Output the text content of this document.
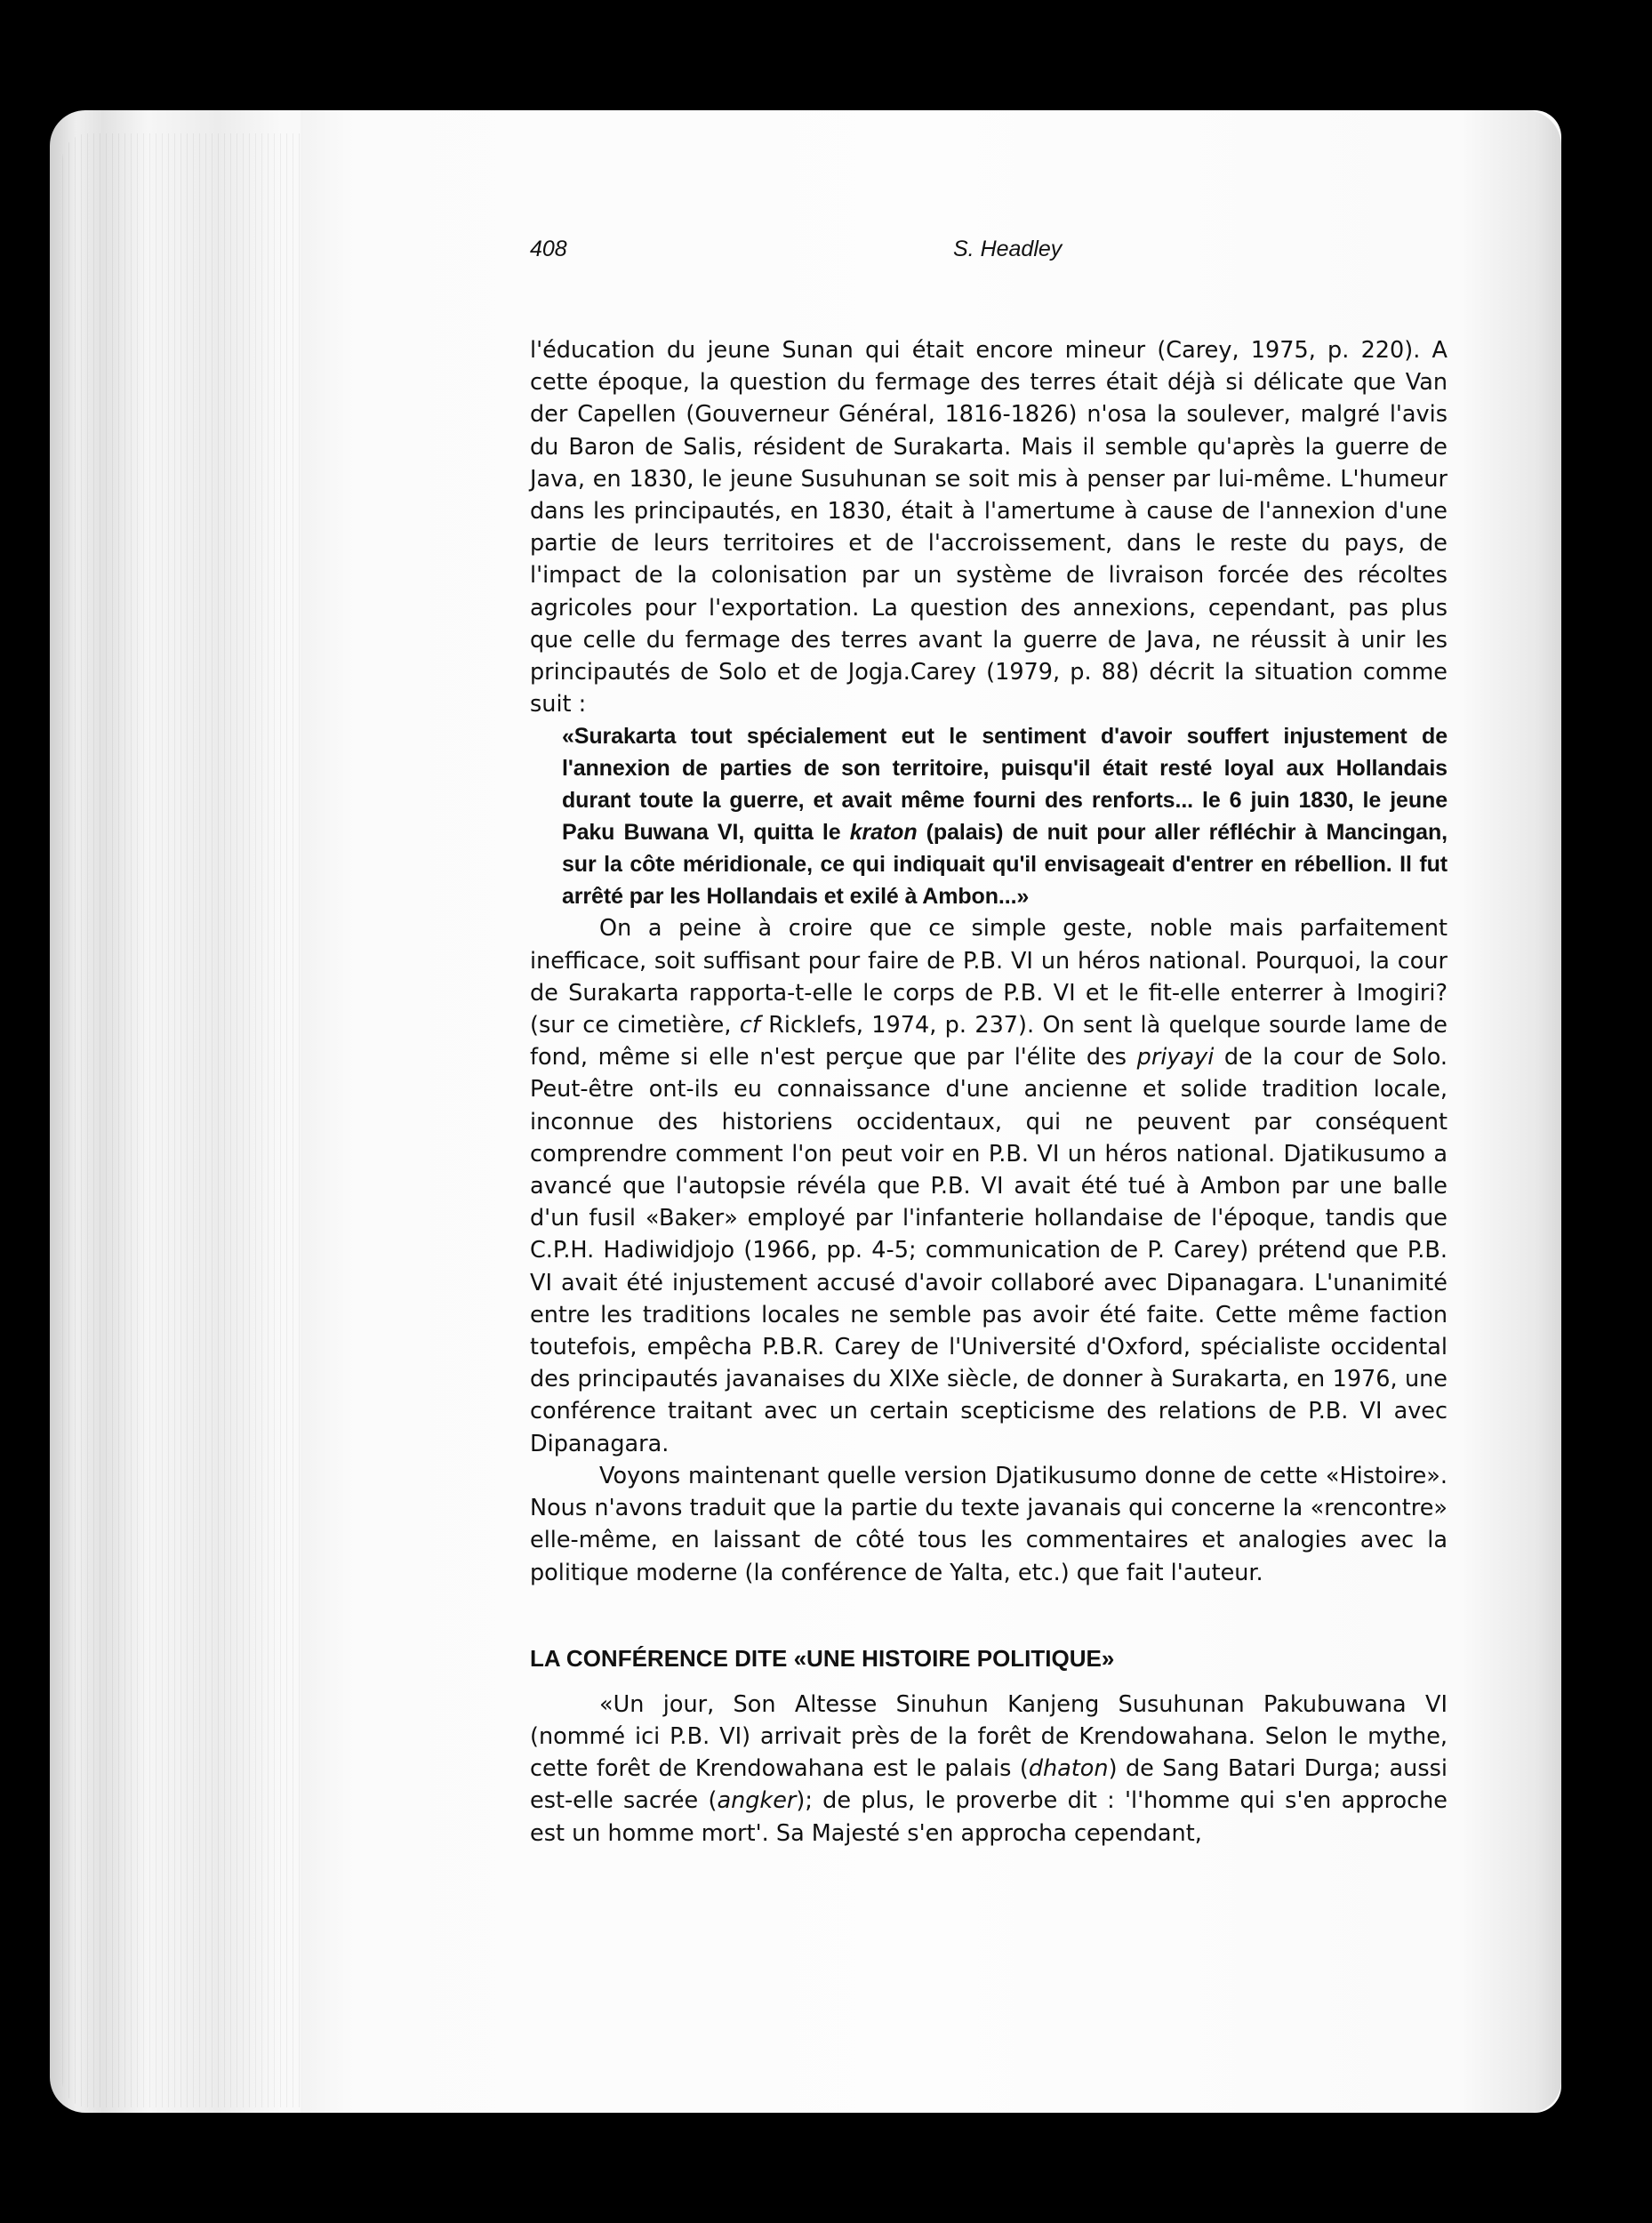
408	S. Headley

l'éducation du jeune Sunan qui était encore mineur (Carey, 1975, p. 220). A cette époque, la question du fermage des terres était déjà si délicate que Van der Capellen (Gouverneur Général, 1816-1826) n'osa la soulever, malgré l'avis du Baron de Salis, résident de Surakarta. Mais il semble qu'après la guerre de Java, en 1830, le jeune Susuhunan se soit mis à penser par lui-même. L'humeur dans les principautés, en 1830, était à l'amertume à cause de l'annexion d'une partie de leurs territoires et de l'accroissement, dans le reste du pays, de l'impact de la colonisation par un système de livraison forcée des récoltes agricoles pour l'exportation. La question des annexions, cependant, pas plus que celle du fermage des terres avant la guerre de Java, ne réussit à unir les principautés de Solo et de Jogja.Carey (1979, p. 88) décrit la situation comme suit :

«Surakarta tout spécialement eut le sentiment d'avoir souffert injustement de l'annexion de parties de son territoire, puisqu'il était resté loyal aux Hollandais durant toute la guerre, et avait même fourni des renforts... le 6 juin 1830, le jeune Paku Buwana VI, quitta le kraton (palais) de nuit pour aller réfléchir à Mancingan, sur la côte méridionale, ce qui indiquait qu'il envisageait d'entrer en rébellion. Il fut arrêté par les Hollandais et exilé à Ambon...»

On a peine à croire que ce simple geste, noble mais parfaitement inefficace, soit suffisant pour faire de P.B. VI un héros national. Pourquoi, la cour de Surakarta rapporta-t-elle le corps de P.B. VI et le fit-elle enterrer à Imogiri? (sur ce cimetière, cf Ricklefs, 1974, p. 237). On sent là quelque sourde lame de fond, même si elle n'est perçue que par l'élite des priyayi de la cour de Solo. Peut-être ont-ils eu connaissance d'une ancienne et solide tradition locale, inconnue des historiens occidentaux, qui ne peuvent par conséquent comprendre comment l'on peut voir en P.B. VI un héros national. Djatikusumo a avancé que l'autopsie révéla que P.B. VI avait été tué à Ambon par une balle d'un fusil «Baker» employé par l'infanterie hollandaise de l'époque, tandis que C.P.H. Hadiwidjojo (1966, pp. 4-5; communication de P. Carey) prétend que P.B. VI avait été injustement accusé d'avoir collaboré avec Dipanagara. L'unanimité entre les traditions locales ne semble pas avoir été faite. Cette même faction toutefois, empêcha P.B.R. Carey de l'Université d'Oxford, spécialiste occidental des principautés javanaises du XIXe siècle, de donner à Surakarta, en 1976, une conférence traitant avec un certain scepticisme des relations de P.B. VI avec Dipanagara.

Voyons maintenant quelle version Djatikusumo donne de cette «Histoire». Nous n'avons traduit que la partie du texte javanais qui concerne la «rencontre» elle-même, en laissant de côté tous les commentaires et analogies avec la politique moderne (la conférence de Yalta, etc.) que fait l'auteur.

LA CONFÉRENCE DITE «UNE HISTOIRE POLITIQUE»

«Un jour, Son Altesse Sinuhun Kanjeng Susuhunan Pakubuwana VI (nommé ici P.B. VI) arrivait près de la forêt de Krendowahana. Selon le mythe, cette forêt de Krendowahana est le palais (dhaton) de Sang Batari Durga; aussi est-elle sacrée (angker); de plus, le proverbe dit : 'l'homme qui s'en approche est un homme mort'. Sa Majesté s'en approcha cependant,
